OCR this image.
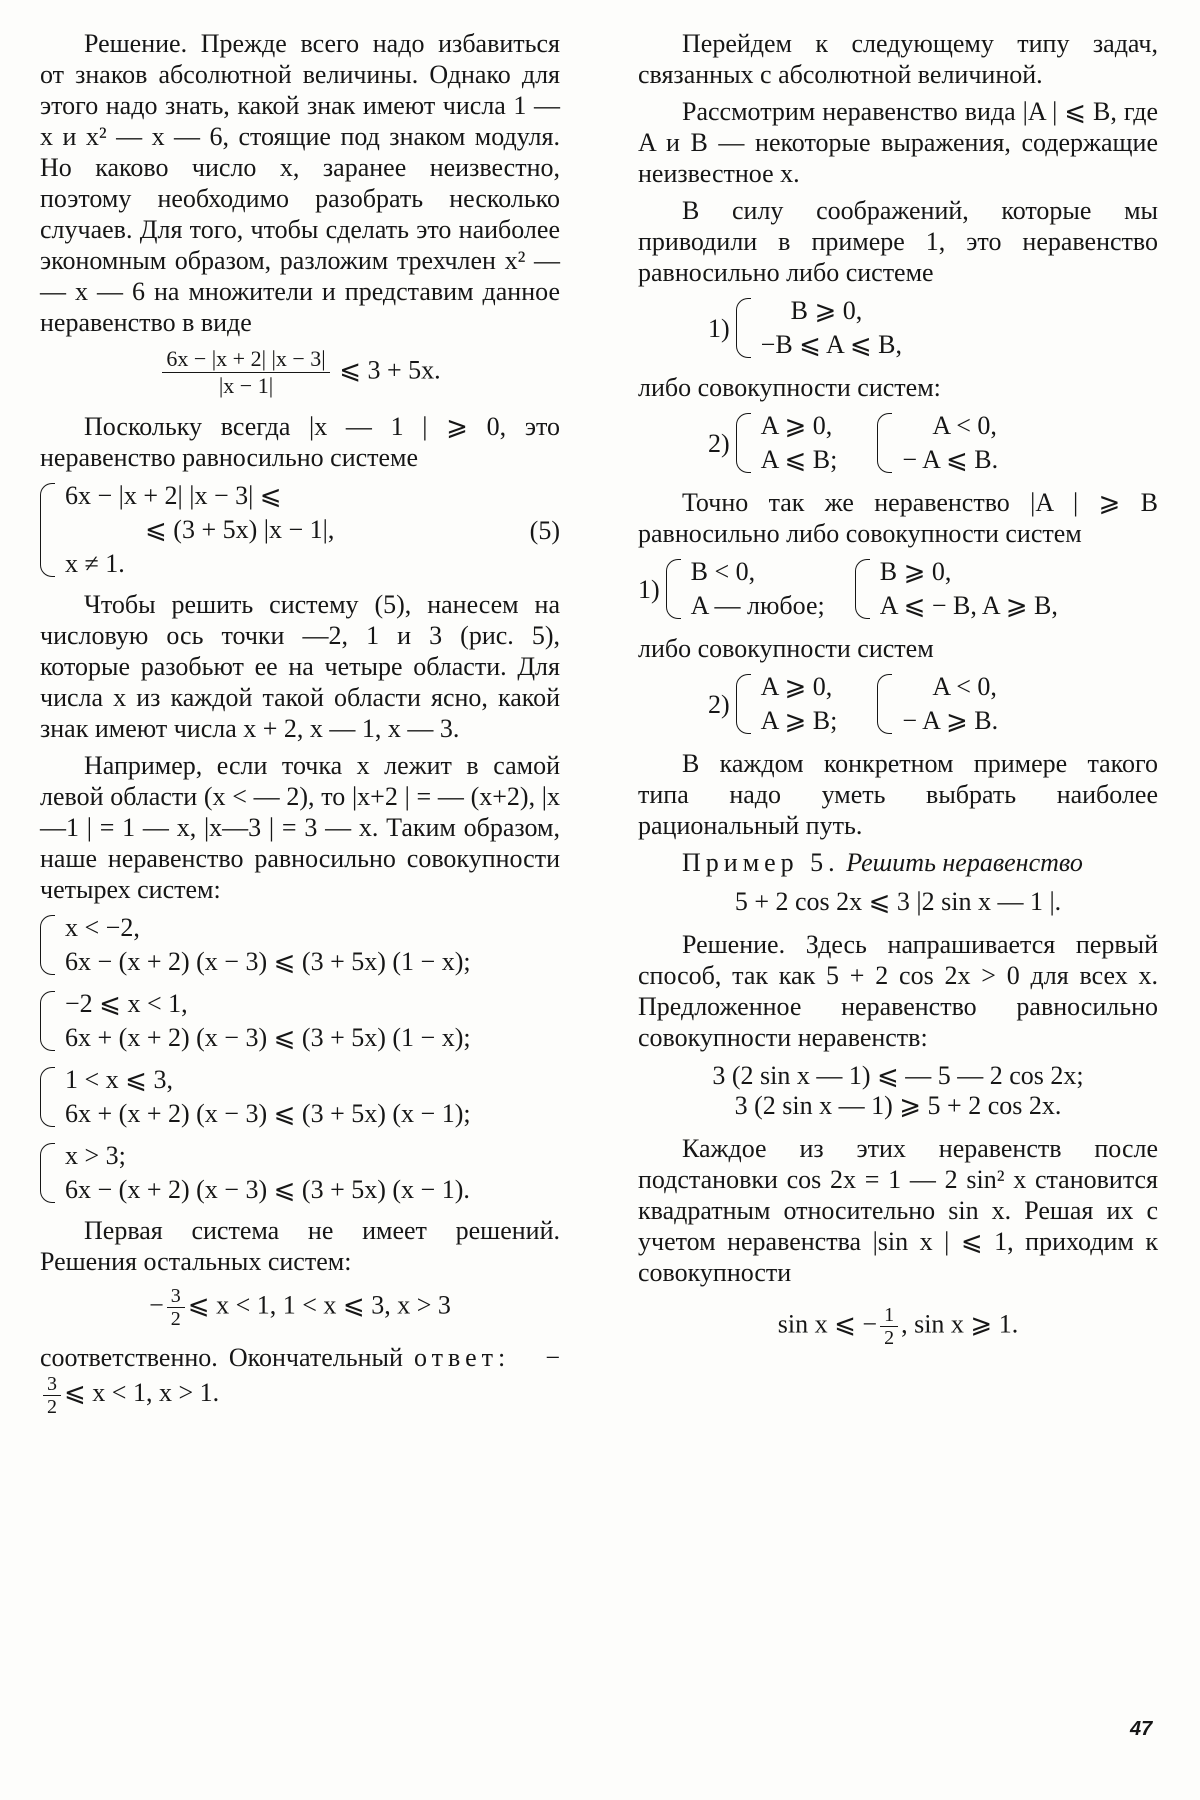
Решение. Прежде всего надо избавиться от знаков абсолютной величины. Однако для этого надо знать, какой знак имеют числа 1 — x и x² — x — 6, стоящие под знаком модуля. Но каково число x, заранее неизвестно, поэтому необходимо разобрать несколько случаев. Для того, чтобы сделать это наиболее экономным образом, разложим трехчлен x² — — x — 6 на множители и представим данное неравенство в виде

$\frac{6x - |x + 2| |x - 3|}{|x - 1|}$ ⩽ 3 + 5x.

Поскольку всегда |x — 1 | ⩾ 0, это неравенство равносильно системе

6x − |x + 2| |x − 3| ⩽
⩽ (3 + 5x) |x − 1|,
x ≠ 1.
(5)

Чтобы решить систему (5), нанесем на числовую ось точки —2, 1 и 3 (рис. 5), которые разобьют ее на четыре области. Для числа x из каждой такой области ясно, какой знак имеют числа x + 2, x — 1, x — 3.

Например, если точка x лежит в самой левой области (x < — 2), то |x+2 | = — (x+2), |x—1 | = 1 — x, |x—3 | = 3 — x. Таким образом, наше неравенство равносильно совокупности четырех систем:

x < −2,
6x − (x + 2) (x − 3) ⩽ (3 + 5x) (1 − x);
−2 ⩽ x < 1,
6x + (x + 2) (x − 3) ⩽ (3 + 5x) (1 − x);
1 < x ⩽ 3,
6x + (x + 2) (x − 3) ⩽ (3 + 5x) (x − 1);
x > 3;
6x − (x + 2) (x − 3) ⩽ (3 + 5x) (x − 1).

Первая система не имеет решений. Решения остальных систем:

− $\frac{3}{2}$ ⩽ x < 1, 1 < x ⩽ 3, x > 3

соответственно. Окончательный ответ: −
$\frac{3}{2}$ ⩽ x < 1, x > 1.

Перейдем к следующему типу задач, связанных с абсолютной величиной.

Рассмотрим неравенство вида |A | ⩽ B, где A и B — некоторые выражения, содержащие неизвестное x.

В силу соображений, которые мы приводили в примере 1, это неравенство равносильно либо системе

1)
B ⩾ 0,
−B ⩽ A ⩽ B,

либо совокупности систем:

2)
A ⩾ 0,
A ⩽ B;
A < 0,
− A ⩽ B.

Точно так же неравенство |A | ⩾ B равносильно либо совокупности систем

1)
B < 0,
A — любое;
B ⩾ 0,
A ⩽ − B, A ⩾ B,

либо совокупности систем

2)
A ⩾ 0,
A ⩾ B;
A < 0,
− A ⩾ B.

В каждом конкретном примере такого типа надо уметь выбрать наиболее рациональный путь.

Пример 5. Решить неравенство

5 + 2 cos 2x ⩽ 3 |2 sin x — 1 |.

Решение. Здесь напрашивается первый способ, так как 5 + 2 cos 2x > 0 для всех x. Предложенное неравенство равносильно совокупности неравенств:

3 (2 sin x — 1) ⩽ — 5 — 2 cos 2x;
3 (2 sin x — 1) ⩾ 5 + 2 cos 2x.

Каждое из этих неравенств после подстановки cos 2x = 1 — 2 sin² x становится квадратным относительно sin x. Решая их с учетом неравенства |sin x | ⩽ 1, приходим к совокупности

sin x ⩽ − $\frac{1}{2}$ , sin x ⩾ 1.
47
